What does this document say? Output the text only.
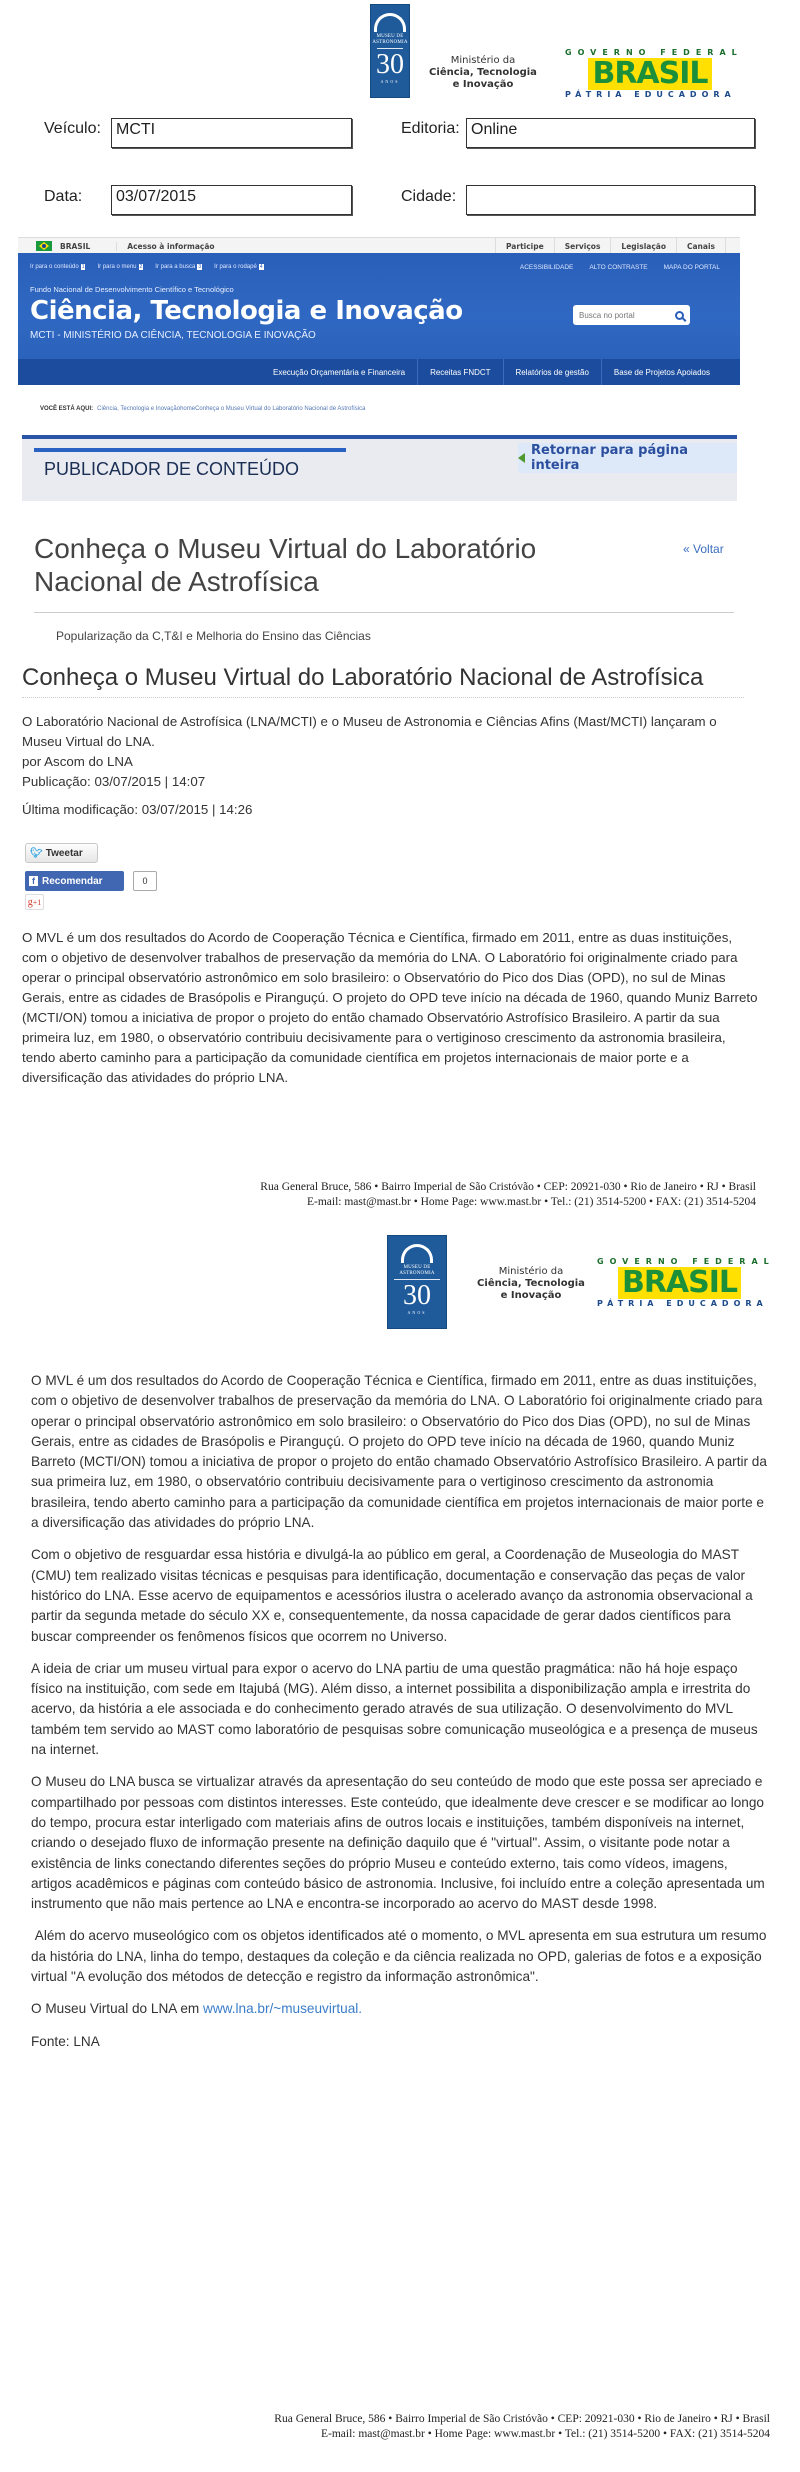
MUSEU DE ASTRONOMIA
30
ANOS
Ministério da
Ciência, Tecnologia
e Inovação
GOVERNO FEDERAL
BRASIL
PÁTRIA EDUCADORA
Veículo: MCTI	Editoria: Online
Data:	03/07/2015	Cidade:
BRASIL	Acesso à informação	Participe	Serviços	Legislação	Canais
Ir para o conteúdo 1 Ir para o menu 2 Ir para a busca 3 Ir para o rodapé 4	ACESSIBILIDADE ALTO CONTRASTE MAPA DO PORTAL
Fundo Nacional de Desenvolvimento Científico e Tecnológico
Ciência, Tecnologia e Inovação
MCTI - MINISTÉRIO DA CIÊNCIA, TECNOLOGIA E INOVAÇÃO
Busca no portal
Execução Orçamentária e Financeira	Receitas FNDCT	Relatórios de gestão	Base de Projetos Apoiados
VOCÊ ESTÁ AQUI: Ciência, Tecnologia e InovaçãohomeConheça o Museu Virtual do Laboratório Nacional de Astrofísica
PUBLICADOR DE CONTEÚDO
Retornar para página inteira
Conheça o Museu Virtual do Laboratório
Nacional de Astrofísica
« Voltar
Popularização da C,T&I e Melhoria do Ensino das Ciências
Conheça o Museu Virtual do Laboratório Nacional de Astrofísica
O Laboratório Nacional de Astrofísica (LNA/MCTI) e o Museu de Astronomia e Ciências Afins (Mast/MCTI) lançaram o Museu Virtual do LNA.
por Ascom do LNA
Publicação: 03/07/2015 | 14:07
Última modificação: 03/07/2015 | 14:26
🐦︎ Tweetar
f Recomendar	0
g+1
O MVL é um dos resultados do Acordo de Cooperação Técnica e Científica, firmado em 2011, entre as duas instituições, com o objetivo de desenvolver trabalhos de preservação da memória do LNA. O Laboratório foi originalmente criado para operar o principal observatório astronômico em solo brasileiro: o Observatório do Pico dos Dias (OPD), no sul de Minas Gerais, entre as cidades de Brasópolis e Piranguçú. O projeto do OPD teve início na década de 1960, quando Muniz Barreto (MCTI/ON) tomou a iniciativa de propor o projeto do então chamado Observatório Astrofísico Brasileiro. A partir da sua primeira luz, em 1980, o observatório contribuiu decisivamente para o vertiginoso crescimento da astronomia brasileira, tendo aberto caminho para a participação da comunidade científica em projetos internacionais de maior porte e a diversificação das atividades do próprio LNA.
Rua General Bruce, 586 • Bairro Imperial de São Cristóvão • CEP: 20921-030 • Rio de Janeiro • RJ • Brasil
E-mail: mast@mast.br • Home Page: www.mast.br • Tel.: (21) 3514-5200 • FAX: (21) 3514-5204
MUSEU DE ASTRONOMIA
30
ANOS
Ministério da
Ciência, Tecnologia
e Inovação
GOVERNO FEDERAL
BRASIL
PÁTRIA EDUCADORA

O MVL é um dos resultados do Acordo de Cooperação Técnica e Científica, firmado em 2011, entre as duas instituições, com o objetivo de desenvolver trabalhos de preservação da memória do LNA. O Laboratório foi originalmente criado para operar o principal observatório astronômico em solo brasileiro: o Observatório do Pico dos Dias (OPD), no sul de Minas Gerais, entre as cidades de Brasópolis e Piranguçú. O projeto do OPD teve início na década de 1960, quando Muniz Barreto (MCTI/ON) tomou a iniciativa de propor o projeto do então chamado Observatório Astrofísico Brasileiro. A partir da sua primeira luz, em 1980, o observatório contribuiu decisivamente para o vertiginoso crescimento da astronomia brasileira, tendo aberto caminho para a participação da comunidade científica em projetos internacionais de maior porte e a diversificação das atividades do próprio LNA.

Com o objetivo de resguardar essa história e divulgá-la ao público em geral, a Coordenação de Museologia do MAST (CMU) tem realizado visitas técnicas e pesquisas para identificação, documentação e conservação das peças de valor histórico do LNA. Esse acervo de equipamentos e acessórios ilustra o acelerado avanço da astronomia observacional a partir da segunda metade do século XX e, consequentemente, da nossa capacidade de gerar dados científicos para buscar compreender os fenômenos físicos que ocorrem no Universo.

A ideia de criar um museu virtual para expor o acervo do LNA partiu de uma questão pragmática: não há hoje espaço físico na instituição, com sede em Itajubá (MG). Além disso, a internet possibilita a disponibilização ampla e irrestrita do acervo, da história a ele associada e do conhecimento gerado através de sua utilização. O desenvolvimento do MVL também tem servido ao MAST como laboratório de pesquisas sobre comunicação museológica e a presença de museus na internet.

O Museu do LNA busca se virtualizar através da apresentação do seu conteúdo de modo que este possa ser apreciado e compartilhado por pessoas com distintos interesses. Este conteúdo, que idealmente deve crescer e se modificar ao longo do tempo, procura estar interligado com materiais afins de outros locais e instituições, também disponíveis na internet, criando o desejado fluxo de informação presente na definição daquilo que é "virtual". Assim, o visitante pode notar a existência de links conectando diferentes seções do próprio Museu e conteúdo externo, tais como vídeos, imagens, artigos acadêmicos e páginas com conteúdo básico de astronomia. Inclusive, foi incluído entre a coleção apresentada um instrumento que não mais pertence ao LNA e encontra-se incorporado ao acervo do MAST desde 1998.

Além do acervo museológico com os objetos identificados até o momento, o MVL apresenta em sua estrutura um resumo da história do LNA, linha do tempo, destaques da coleção e da ciência realizada no OPD, galerias de fotos e a exposição virtual "A evolução dos métodos de detecção e registro da informação astronômica".

O Museu Virtual do LNA em www.lna.br/~museuvirtual.

Fonte: LNA

Rua General Bruce, 586 • Bairro Imperial de São Cristóvão • CEP: 20921-030 • Rio de Janeiro • RJ • Brasil
E-mail: mast@mast.br • Home Page: www.mast.br • Tel.: (21) 3514-5200 • FAX: (21) 3514-5204
